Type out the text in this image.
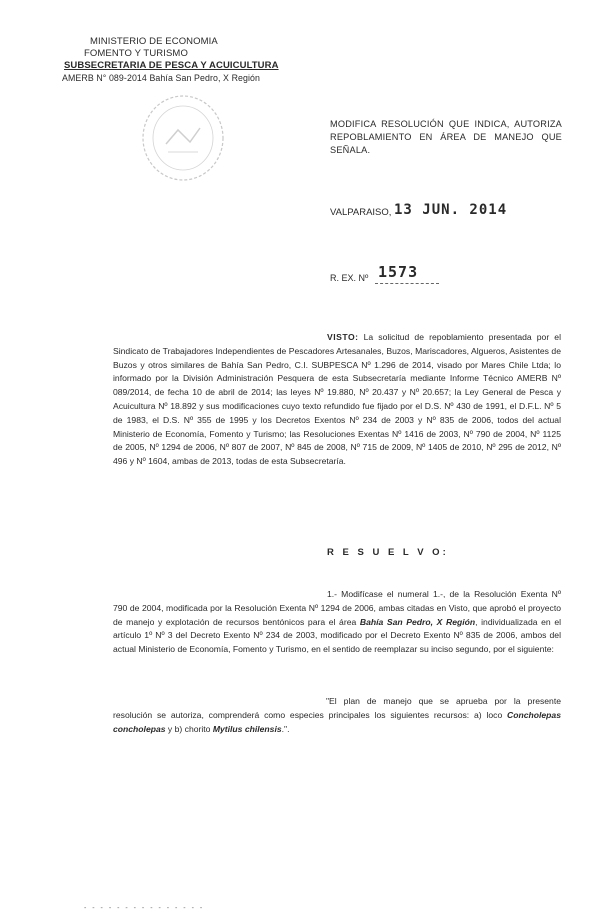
MINISTERIO DE ECONOMIA
FOMENTO Y TURISMO
SUBSECRETARIA DE PESCA Y ACUICULTURA
AMERB N° 089-2014 Bahía San Pedro, X Región
MODIFICA RESOLUCIÓN QUE INDICA, AUTORIZA REPOBLAMIENTO EN ÁREA DE MANEJO QUE SEÑALA.
VALPARAISO, 13 JUN. 2014
R. EX. Nº 1573
VISTO: La solicitud de repoblamiento presentada por el Sindicato de Trabajadores Independientes de Pescadores Artesanales, Buzos, Mariscadores, Algueros, Asistentes de Buzos y otros similares de Bahía San Pedro, C.I. SUBPESCA Nº 1.296 de 2014, visado por Mares Chile Ltda; lo informado por la División Administración Pesquera de esta Subsecretaría mediante Informe Técnico AMERB Nº 089/2014, de fecha 10 de abril de 2014; las leyes Nº 19.880, Nº 20.437 y Nº 20.657; la Ley General de Pesca y Acuicultura Nº 18.892 y sus modificaciones cuyo texto refundido fue fijado por el D.S. Nº 430 de 1991, el D.F.L. Nº 5 de 1983, el D.S. Nº 355 de 1995 y los Decretos Exentos Nº 234 de 2003 y Nº 835 de 2006, todos del actual Ministerio de Economía, Fomento y Turismo; las Resoluciones Exentas Nº 1416 de 2003, Nº 790 de 2004, Nº 1125 de 2005, Nº 1294 de 2006, Nº 807 de 2007, Nº 845 de 2008, Nº 715 de 2009, Nº 1405 de 2010, Nº 295 de 2012, Nº 496 y Nº 1604, ambas de 2013, todas de esta Subsecretaría.
R E S U E L V O:
1.- Modifícase el numeral 1.-, de la Resolución Exenta Nº 790 de 2004, modificada por la Resolución Exenta Nº 1294 de 2006, ambas citadas en Visto, que aprobó el proyecto de manejo y explotación de recursos bentónicos para el área Bahía San Pedro, X Región, individualizada en el artículo 1º Nº 3 del Decreto Exento Nº 234 de 2003, modificado por el Decreto Exento Nº 835 de 2006, ambos del actual Ministerio de Economía, Fomento y Turismo, en el sentido de reemplazar su inciso segundo, por el siguiente:
"El plan de manejo que se aprueba por la presente resolución se autoriza, comprenderá como especies principales los siguientes recursos: a) loco Concholepas concholepas y b) chorito Mytilus chilensis.".
- - - - - - - - - - - - - - -
